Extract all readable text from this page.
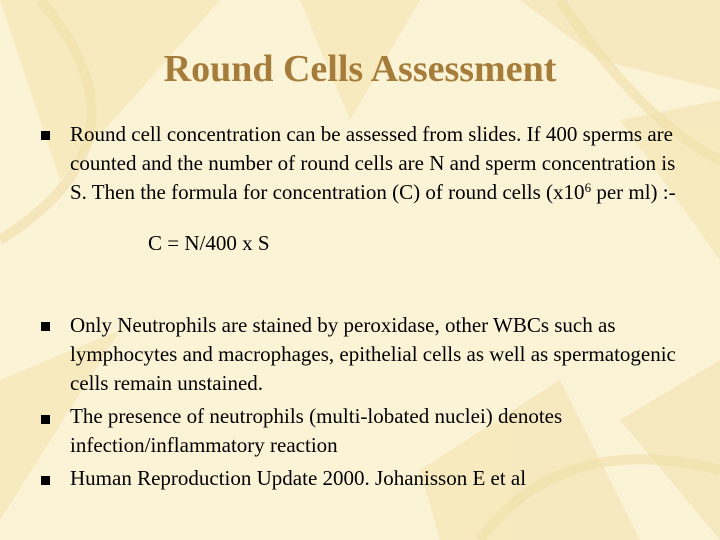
Round Cells Assessment
Round cell concentration can be assessed from slides. If 400 sperms are counted and the number of round cells are N and sperm concentration is S. Then the formula for concentration (C) of round cells ($x10^6$ per ml) :-
C = N/400 x S
Only Neutrophils are stained by peroxidase, other WBCs such as lymphocytes and macrophages, epithelial cells as well as spermatogenic cells remain unstained.
The presence of neutrophils (multi-lobated nuclei) denotes infection/inflammatory reaction
Human Reproduction Update 2000. Johanisson E et al
